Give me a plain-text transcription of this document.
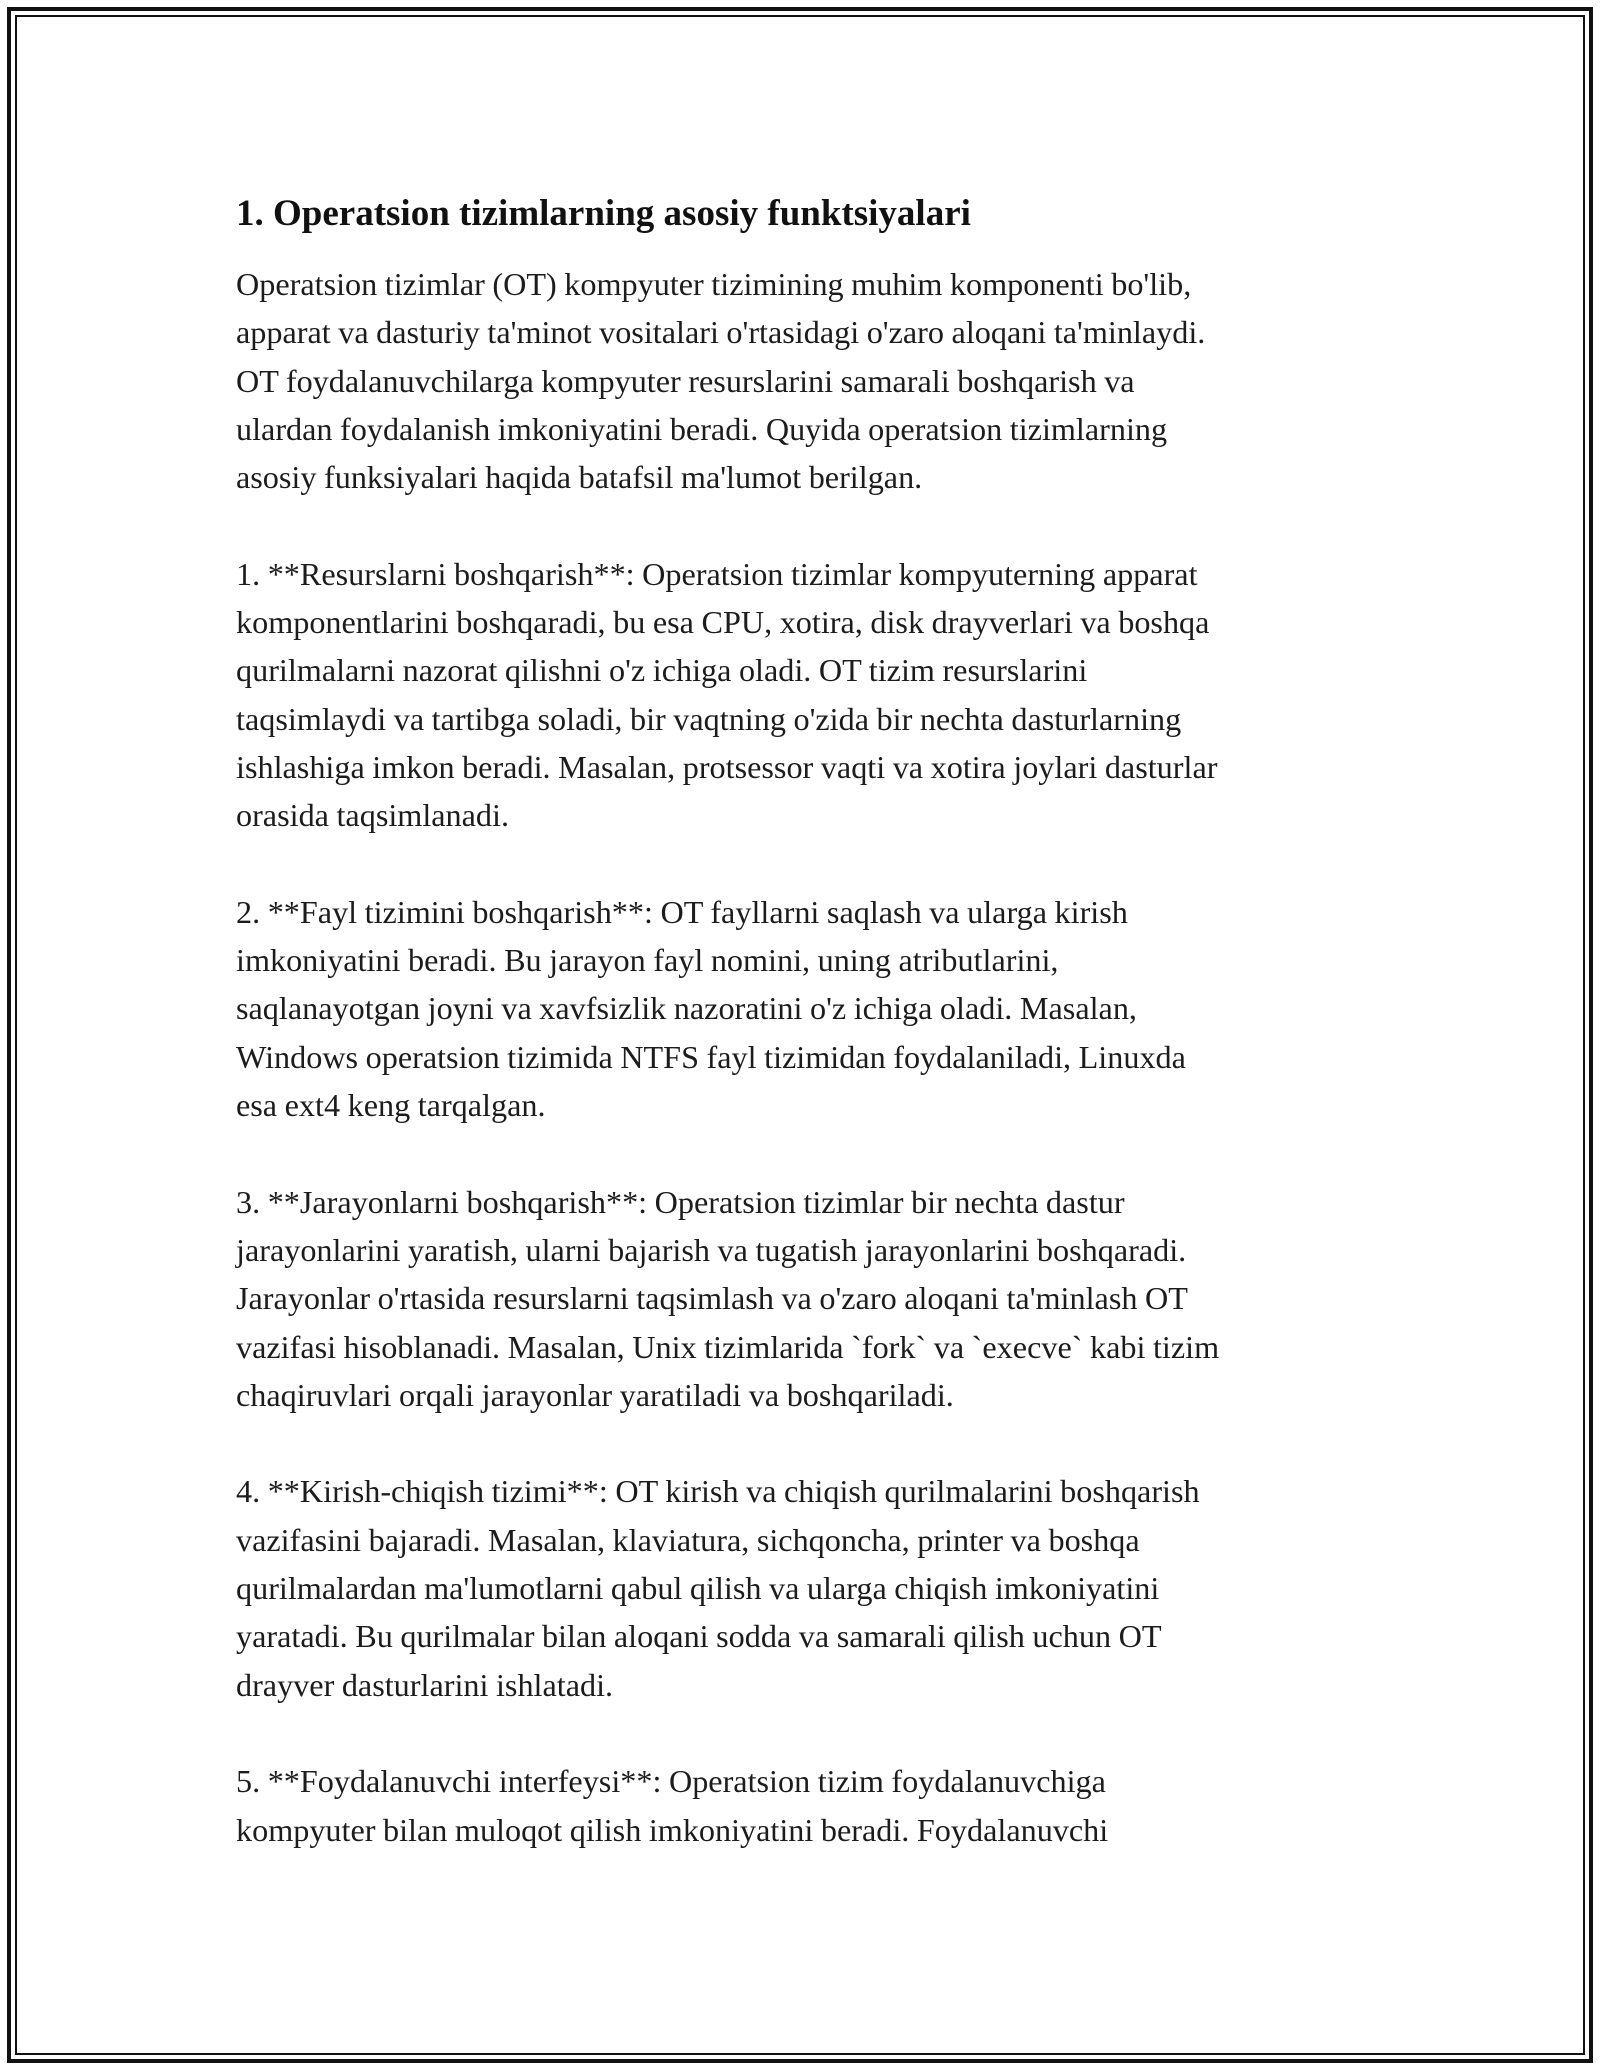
1. Operatsion tizimlarning asosiy funktsiyalari

Operatsion tizimlar (OT) kompyuter tizimining muhim komponenti bo'lib,
apparat va dasturiy ta'minot vositalari o'rtasidagi o'zaro aloqani ta'minlaydi.
OT foydalanuvchilarga kompyuter resurslarini samarali boshqarish va
ulardan foydalanish imkoniyatini beradi. Quyida operatsion tizimlarning
asosiy funksiyalari haqida batafsil ma'lumot berilgan.

1. **Resurslarni boshqarish**: Operatsion tizimlar kompyuterning apparat
komponentlarini boshqaradi, bu esa CPU, xotira, disk drayverlari va boshqa
qurilmalarni nazorat qilishni o'z ichiga oladi. OT tizim resurslarini
taqsimlaydi va tartibga soladi, bir vaqtning o'zida bir nechta dasturlarning
ishlashiga imkon beradi. Masalan, protsessor vaqti va xotira joylari dasturlar
orasida taqsimlanadi.

2. **Fayl tizimini boshqarish**: OT fayllarni saqlash va ularga kirish
imkoniyatini beradi. Bu jarayon fayl nomini, uning atributlarini,
saqlanayotgan joyni va xavfsizlik nazoratini o'z ichiga oladi. Masalan,
Windows operatsion tizimida NTFS fayl tizimidan foydalaniladi, Linuxda
esa ext4 keng tarqalgan.

3. **Jarayonlarni boshqarish**: Operatsion tizimlar bir nechta dastur
jarayonlarini yaratish, ularni bajarish va tugatish jarayonlarini boshqaradi.
Jarayonlar o'rtasida resurslarni taqsimlash va o'zaro aloqani ta'minlash OT
vazifasi hisoblanadi. Masalan, Unix tizimlarida `fork` va `execve` kabi tizim
chaqiruvlari orqali jarayonlar yaratiladi va boshqariladi.

4. **Kirish-chiqish tizimi**: OT kirish va chiqish qurilmalarini boshqarish
vazifasini bajaradi. Masalan, klaviatura, sichqoncha, printer va boshqa
qurilmalardan ma'lumotlarni qabul qilish va ularga chiqish imkoniyatini
yaratadi. Bu qurilmalar bilan aloqani sodda va samarali qilish uchun OT
drayver dasturlarini ishlatadi.

5. **Foydalanuvchi interfeysi**: Operatsion tizim foydalanuvchiga
kompyuter bilan muloqot qilish imkoniyatini beradi. Foydalanuvchi
